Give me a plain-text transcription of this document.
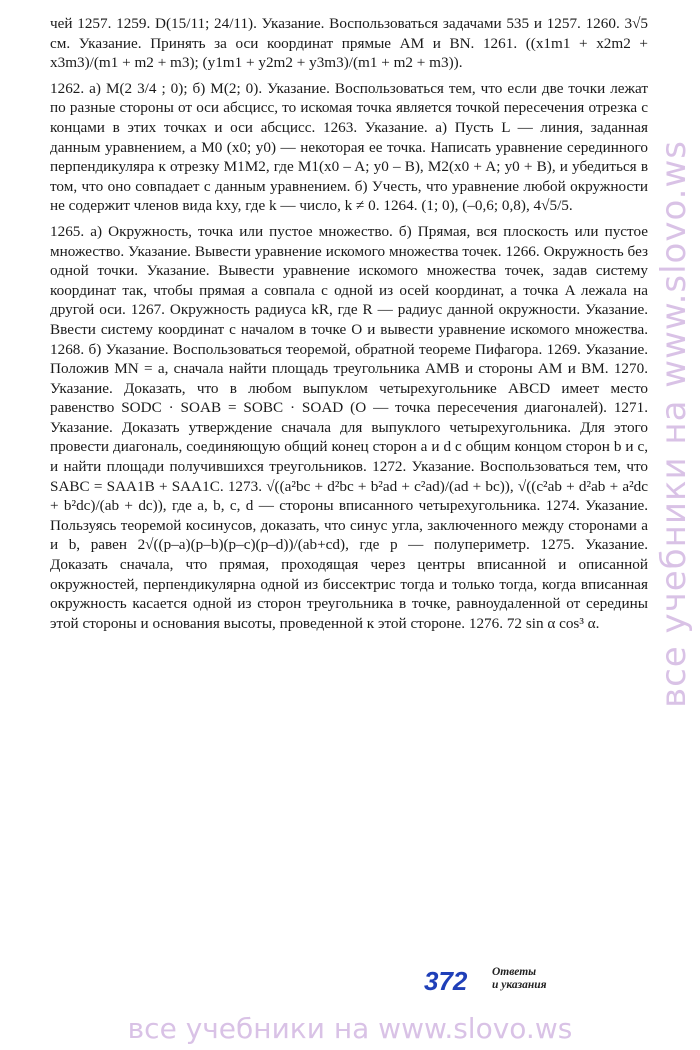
чей 1257. 1259. D(15/11; 24/11). Указание. Воспользоваться задачами 535 и 1257. 1260. 3√5 см. Указание. Принять за оси координат прямые AM и BN. 1261. ((x1m1 + x2m2 + x3m3)/(m1 + m2 + m3); (y1m1 + y2m2 + y3m3)/(m1 + m2 + m3)).

1262. а) M(2 3/4 ; 0); б) M(2; 0). Указание. Воспользоваться тем, что если две точки лежат по разные стороны от оси абсцисс, то искомая точка является точкой пересечения отрезка с концами в этих точках и оси абсцисс. 1263. Указание. а) Пусть L — линия, заданная данным уравнением, а M0 (x0; y0) — некоторая ее точка. Написать уравнение серединного перпендикуляра к отрезку M1M2, где M1(x0 – A; y0 – B), M2(x0 + A; y0 + B), и убедиться в том, что оно совпадает с данным уравнением. б) Учесть, что уравнение любой окружности не содержит членов вида kxy, где k — число, k ≠ 0. 1264. (1; 0), (–0,6; 0,8), 4√5/5.

1265. а) Окружность, точка или пустое множество. б) Прямая, вся плоскость или пустое множество. Указание. Вывести уравнение искомого множества точек. 1266. Окружность без одной точки. Указание. Вывести уравнение искомого множества точек, задав систему координат так, чтобы прямая a совпала с одной из осей координат, а точка A лежала на другой оси. 1267. Окружность радиуса kR, где R — радиус данной окружности. Указание. Ввести систему координат с началом в точке O и вывести уравнение искомого множества. 1268. б) Указание. Воспользоваться теоремой, обратной теореме Пифагора. 1269. Указание. Положив MN = a, сначала найти площадь треугольника AMB и стороны AM и BM. 1270. Указание. Доказать, что в любом выпуклом четырехугольнике ABCD имеет место равенство SODC · SOAB = SOBC · SOAD (O — точка пересечения диагоналей). 1271. Указание. Доказать утверждение сначала для выпуклого четырехугольника. Для этого провести диагональ, соединяющую общий конец сторон a и d с общим концом сторон b и c, и найти площади получившихся треугольников. 1272. Указание. Воспользоваться тем, что SABC = SAA1B + SAA1C. 1273. √((a²bc + d²bc + b²ad + c²ad)/(ad + bc)), √((c²ab + d²ab + a²dc + b²dc)/(ab + dc)), где a, b, c, d — стороны вписанного четырехугольника. 1274. Указание. Пользуясь теоремой косинусов, доказать, что синус угла, заключенного между сторонами a и b, равен 2√((p–a)(p–b)(p–c)(p–d))/(ab+cd), где p — полупериметр. 1275. Указание. Доказать сначала, что прямая, проходящая через центры вписанной и описанной окружностей, перпендикулярна одной из биссектрис тогда и только тогда, когда вписанная окружность касается одной из сторон треугольника в точке, равноудаленной от середины этой стороны и основания высоты, проведенной к этой стороне. 1276. 72 sin α cos³ α.	все учебники на www.slovo.ws
372 Ответы
и указания
все учебники на www.slovo.ws
